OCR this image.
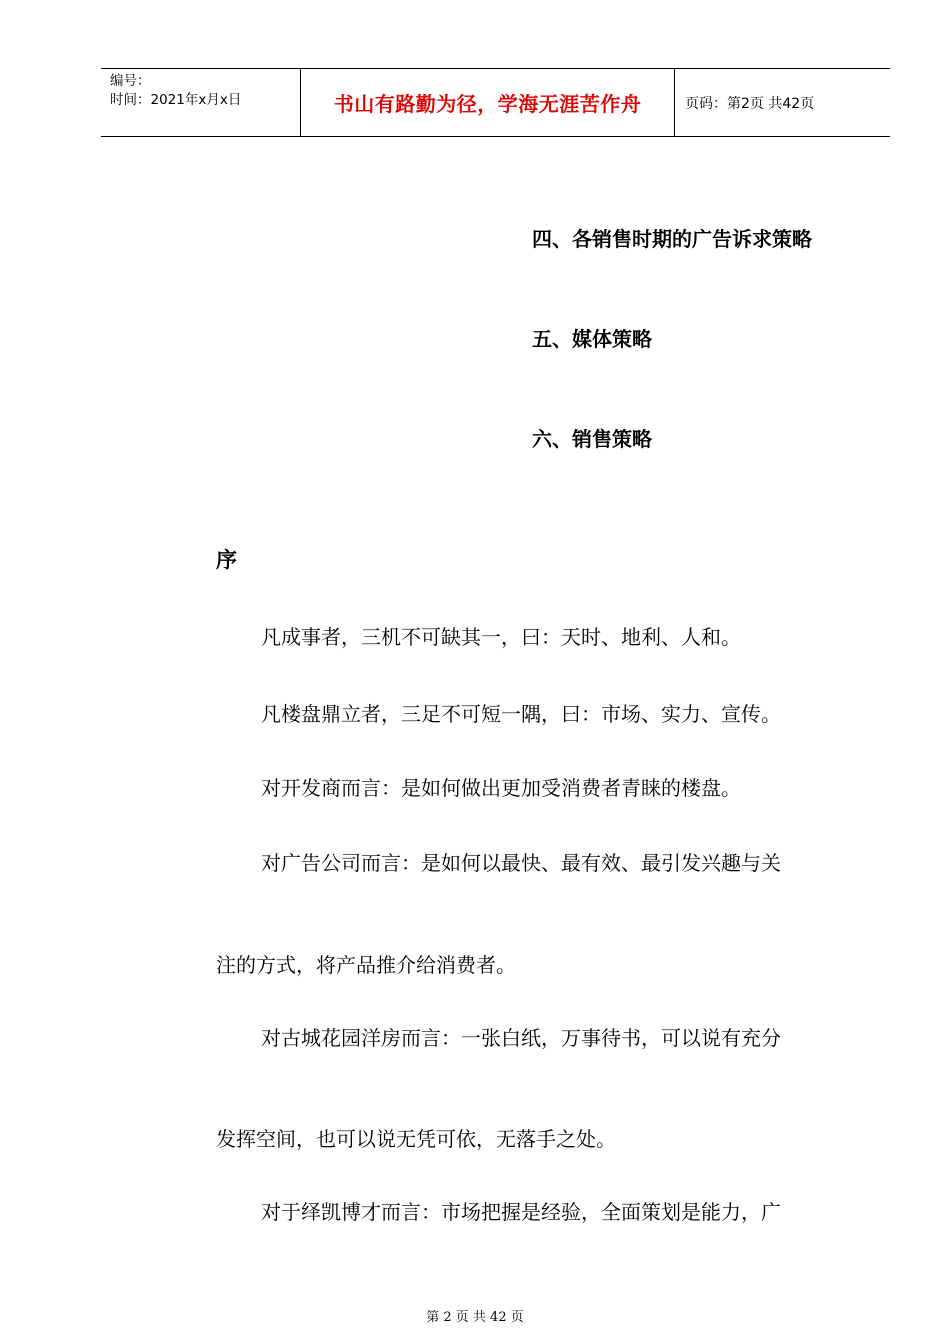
编号：
时间：2021年x月x日	书山有路勤为径，学海无涯苦作舟	页码：第2页 共42页
四、各销售时期的广告诉求策略
五、媒体策略
六、销售策略
序
凡成事者，三机不可缺其一，曰：天时、地利、人和。
凡楼盘鼎立者，三足不可短一隅，曰：市场、实力、宣传。
对开发商而言：是如何做出更加受消费者青睐的楼盘。
对广告公司而言：是如何以最快、最有效、最引发兴趣与关
注的方式，将产品推介给消费者。
对古城花园洋房而言：一张白纸，万事待书，可以说有充分
发挥空间，也可以说无凭可依，无落手之处。
对于绎凯博才而言：市场把握是经验，全面策划是能力，广
第 2 页 共 42 页
